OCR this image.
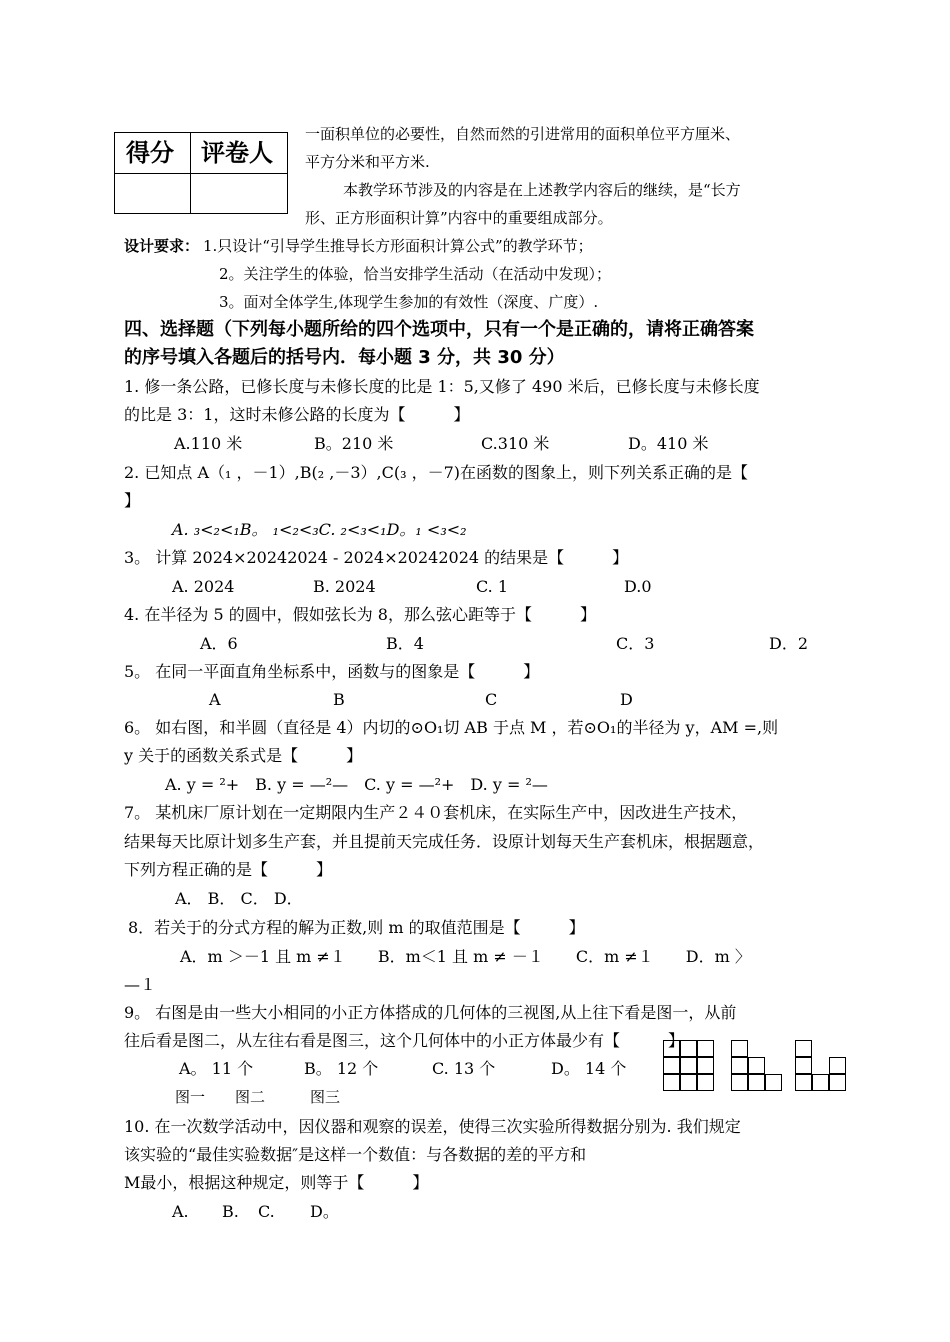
得分 评卷人
一面积单位的必要性，自然而然的引进常用的面积单位平方厘米、
平方分米和平方米.
本教学环节涉及的内容是在上述教学内容后的继续，是“长方
形、正方形面积计算”内容中的重要组成部分。
设计要求： 1.只设计“引导学生推导长方形面积计算公式”的教学环节；
2。关注学生的体验，恰当安排学生活动（在活动中发现）；
3。面对全体学生,体现学生参加的有效性（深度、广度）.
四、选择题（下列每小题所给的四个选项中，只有一个是正确的，请将正确答案
的序号填入各题后的括号内．每小题 3 分，共 30 分）
1. 修一条公路，已修长度与未修长度的比是 1：5,又修了 490 米后，已修长度与未修长度
的比是 3：1，这时未修公路的长度为【　　　】
A.110 米	B。210 米	C.310 米	D。410 米
2. 已知点 A（₁ ，－1）,B(₂ ,－3）,C(₃ ，－7)在函数的图象上，则下列关系正确的是【
】
A. ₃<₂<₁B。 ₁<₂<₃C. ₂<₃<₁D。₁ <₃<₂
3。 计算 2024×20242024 - 2024×20242024 的结果是【　　　】
A. 2024	B. 2024	C. 1	D.0
4. 在半径为 5 的圆中，假如弦长为 8，那么弦心距等于【　　　】
A．6	B．4	C．3	D．2
5。 在同一平面直角坐标系中，函数与的图象是【　　　】
A	B	C	D
6。 如右图，和半圆（直径是 4）内切的⊙O₁切 AB 于点 M ，若⊙O₁的半径为 y，AM =,则
y 关于的函数关系式是【　　　】
A. y = ²+　B. y = —²—　C. y = —²+　D. y = ²—
7。 某机床厂原计划在一定期限内生产２４０套机床，在实际生产中，因改进生产技术，
结果每天比原计划多生产套，并且提前天完成任务．设原计划每天生产套机床，根据题意，
下列方程正确的是【　　　】
A． B． C． D．
8．若关于的分式方程的解为正数,则 m 的取值范围是【　　　】
A．m ＞－1 且 m ≠１　　B．m＜1 且 m ≠ －１　　C．m ≠１　　D．m 〉
—１
9。 右图是由一些大小相同的小正方体搭成的几何体的三视图,从上往下看是图一，从前
往后看是图二，从左往右看是图三，这个几何体中的小正方体最少有【　　　】
A。 11 个	B。 12 个	C. 13 个	D。 14 个
图一 图二	图三
10. 在一次数学活动中，因仪器和观察的误差，使得三次实验所得数据分别为. 我们规定
该实验的“最佳实验数据″是这样一个数值：与各数据的差的平方和
M最小，根据这种规定，则等于【　　　】
A. B. C. D。
